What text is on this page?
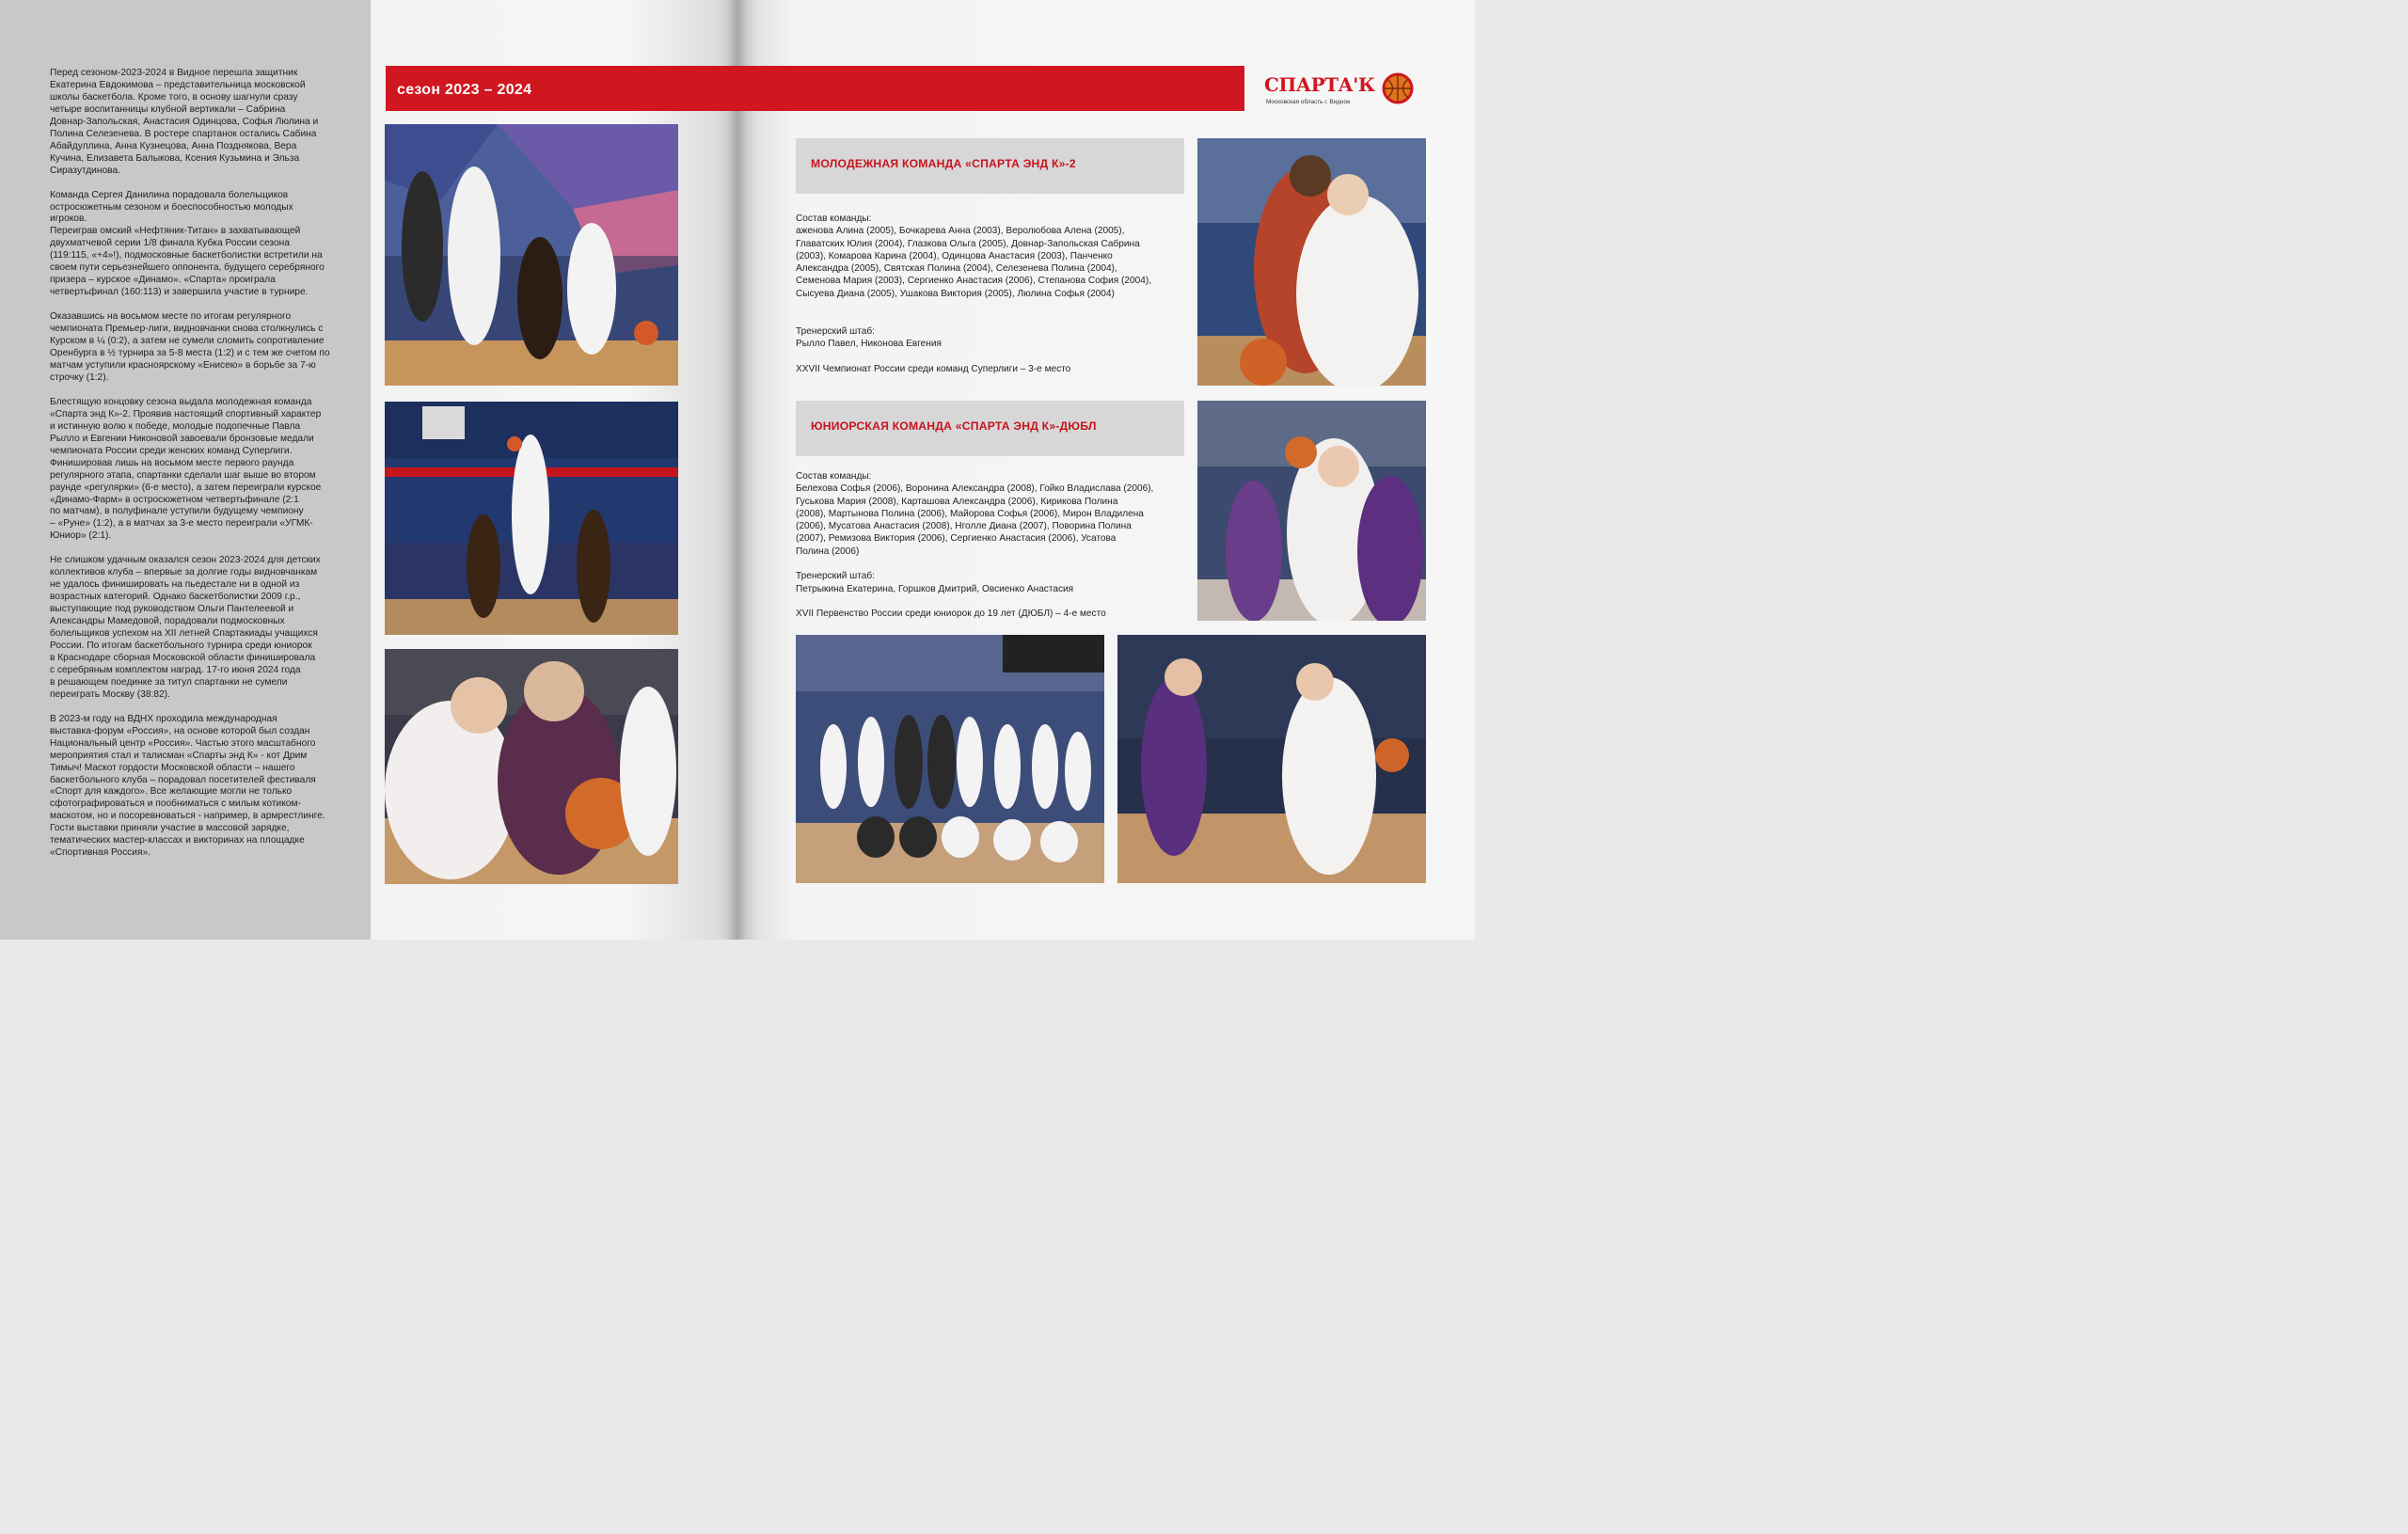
Перед сезоном-2023-2024 в Видное перешла защитник
Екатерина Евдокимова – представительница московской
школы баскетбола. Кроме того, в основу шагнули сразу
четыре воспитанницы клубной вертикали – Сабрина
Довнар-Запольская, Анастасия Одинцова, Софья Люлина и
Полина Селезенева. В ростере спартанок остались Сабина
Абайдуллина, Анна Кузнецова, Анна Позднякова, Вера
Кучина, Елизавета Балыкова, Ксения Кузьмина и Эльза
Сиразутдинова.

Команда Сергея Данилина порадовала болельщиков
остросюжетным сезоном и боеспособностью молодых
игроков.
Переиграв омский «Нефтяник-Титан» в захватывающей
двухматчевой серии 1/8 финала Кубка России сезона
(119:115, «+4»!), подмосковные баскетболистки встретили на
своем пути серьезнейшего оппонента, будущего серебряного
призера – курское «Динамо». «Спарта» проиграла
четвертьфинал (160:113) и завершила участие в турнире.

Оказавшись на восьмом месте по итогам регулярного
чемпионата Премьер-лиги, видновчанки снова столкнулись с
Курском в ¼ (0:2), а затем не сумели сломить сопротивление
Оренбурга в ½ турнира за 5-8 места (1:2) и с тем же счетом по
матчам уступили красноярскому «Енисею» в борьбе за 7-ю
строчку (1:2).

Блестящую концовку сезона выдала молодежная команда
«Спарта энд К»-2. Проявив настоящий спортивный характер
и истинную волю к победе, молодые подопечные Павла
Рылло и Евгении Никоновой завоевали бронзовые медали
чемпионата России среди женских команд Суперлиги.
Финишировав лишь на восьмом месте первого раунда
регулярного этапа, спартанки сделали шаг выше во втором
раунде «регулярки» (6-е место), а затем переиграли курское
«Динамо-Фарм» в остросюжетном четвертьфинале (2:1
по матчам), в полуфинале уступили будущему чемпиону
– «Руне» (1:2), а в матчах за 3-е место переиграли «УГМК-
Юниор» (2:1).

Не слишком удачным оказался сезон 2023-2024 для детских
коллективов клуба – впервые за долгие годы видновчанкам
не удалось финишировать на пьедестале ни в одной из
возрастных категорий. Однако баскетболистки 2009 г.р.,
выступающие под руководством Ольги Пантелеевой и
Александры Мамедовой, порадовали подмосковных
болельщиков успехом на XII летней Спартакиады учащихся
России. По итогам баскетбольного турнира среди юниорок
в Краснодаре сборная Московской области финишировала
с серебряным комплектом наград. 17-го июня 2024 года
в решающем поединке за титул спартанки не сумели
переиграть Москву (38:82).

В 2023-м году на ВДНХ проходила международная
выставка-форум «Россия», на основе которой был создан
Национальный центр «Россия». Частью этого масштабного
мероприятия стал и талисман «Спарты энд К» - кот Дрим
Тимыч! Маскот гордости Московской области – нашего
баскетбольного клуба – порадовал посетителей фестиваля
«Спорт для каждого». Все желающие могли не только
сфотографироваться и пообниматься с милым котиком-
маскотом, но и посоревноваться - например, в армрестлинге.
Гости выставки приняли участие в массовой зарядке,
тематических мастер-классах и викторинах на площадке
«Спортивная Россия».

сезон 2023 – 2024	СПАРТА'К
Московская область г. Видное
МОЛОДЕЖНАЯ КОМАНДА «СПАРТА ЭНД К»-2

Состав команды:

аженова Алина (2005), Бочкарева Анна (2003), Веролюбова Алена (2005),

Главатских Юлия (2004), Глазкова Ольга (2005), Довнар-Запольская Сабрина

(2003), Комарова Карина (2004), Одинцова Анастасия (2003), Панченко

Александра (2005), Святская Полина (2004), Селезенева Полина (2004),

Семенова Мария (2003), Сергиенко Анастасия (2006), Степанова София (2004),

Сысуева Диана (2005), Ушакова Виктория (2005), Люлина Софья (2004)

Тренерский штаб:

Рылло Павел, Никонова Евгения

XXVII Чемпионат России среди команд Суперлиги – 3-е место

ЮНИОРСКАЯ КОМАНДА «СПАРТА ЭНД К»-ДЮБЛ

Состав команды:

Белехова Софья (2006), Воронина Александра (2008), Гойко Владислава (2006),

Гуськова Мария (2008), Карташова Александра (2006), Кирикова Полина

(2008), Мартынова Полина (2006), Майорова Софья (2006), Мирон Владилена

(2006), Мусатова Анастасия (2008), Нголле Диана (2007), Поворина Полина

(2007), Ремизова Виктория (2006), Сергиенко Анастасия (2006), Усатова

Полина (2006)

Тренерский штаб:

Петрыкина Екатерина, Горшков Дмитрий, Овсиенко Анастасия

XVII Первенство России среди юниорок до 19 лет (ДЮБЛ) – 4-е место
